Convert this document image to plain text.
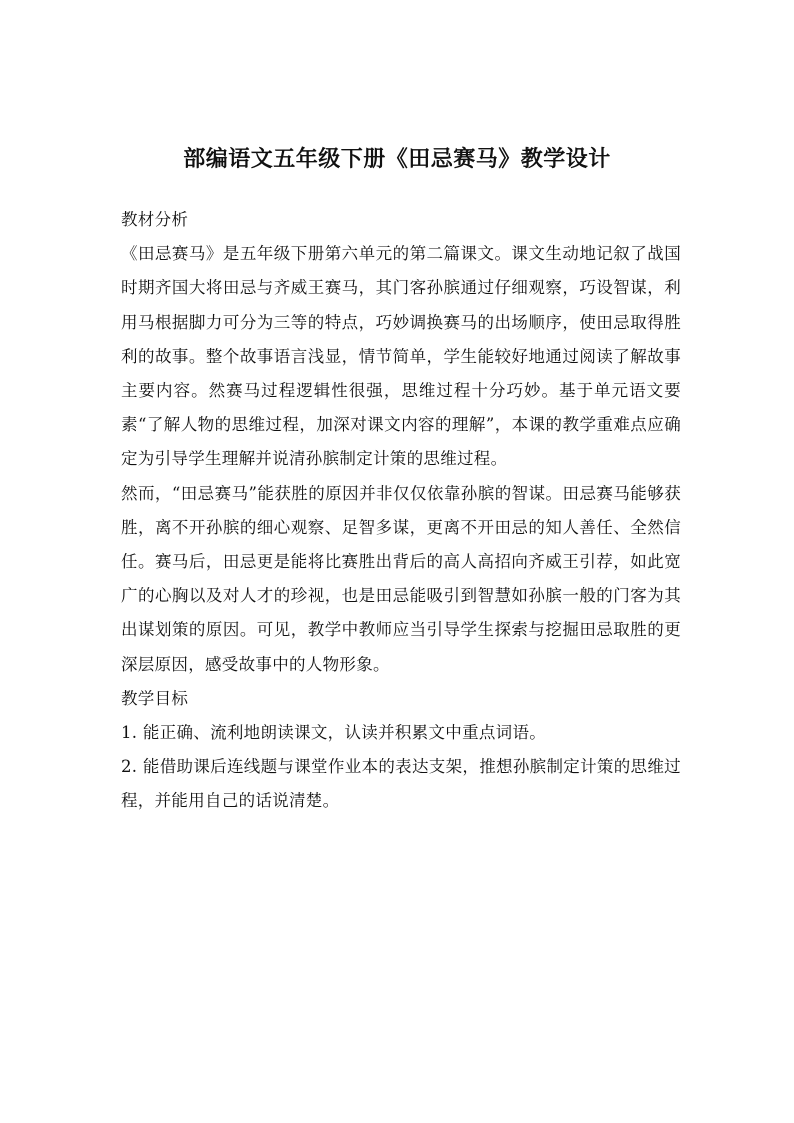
部编语文五年级下册《田忌赛马》教学设计

教材分析

《田忌赛马》是五年级下册第六单元的第二篇课文。课文生动地记叙了战国时期齐国大将田忌与齐威王赛马，其门客孙膑通过仔细观察，巧设智谋，利用马根据脚力可分为三等的特点，巧妙调换赛马的出场顺序，使田忌取得胜利的故事。整个故事语言浅显，情节简单，学生能较好地通过阅读了解故事主要内容。然赛马过程逻辑性很强，思维过程十分巧妙。基于单元语文要素“了解人物的思维过程，加深对课文内容的理解”，本课的教学重难点应确定为引导学生理解并说清孙膑制定计策的思维过程。

然而，“田忌赛马”能获胜的原因并非仅仅依靠孙膑的智谋。田忌赛马能够获胜，离不开孙膑的细心观察、足智多谋，更离不开田忌的知人善任、全然信任。赛马后，田忌更是能将比赛胜出背后的高人高招向齐威王引荐，如此宽广的心胸以及对人才的珍视，也是田忌能吸引到智慧如孙膑一般的门客为其出谋划策的原因。可见，教学中教师应当引导学生探索与挖掘田忌取胜的更深层原因，感受故事中的人物形象。

教学目标

1. 能正确、流利地朗读课文，认读并积累文中重点词语。

2. 能借助课后连线题与课堂作业本的表达支架，推想孙膑制定计策的思维过程，并能用自己的话说清楚。
